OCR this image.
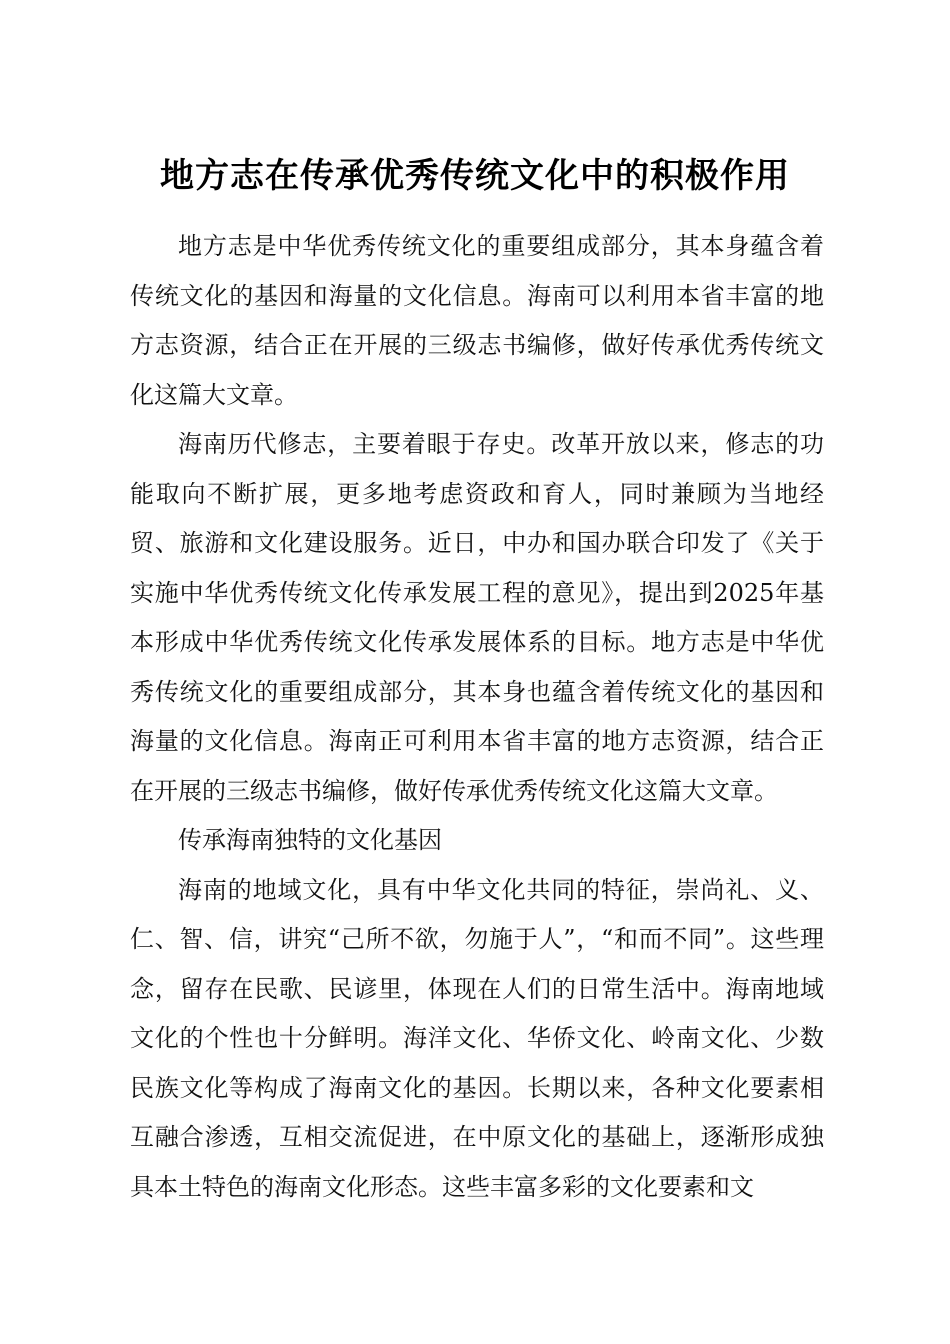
地方志在传承优秀传统文化中的积极作用

地方志是中华优秀传统文化的重要组成部分，其本身蕴含着传统文化的基因和海量的文化信息。海南可以利用本省丰富的地方志资源，结合正在开展的三级志书编修，做好传承优秀传统文化这篇大文章。

海南历代修志，主要着眼于存史。改革开放以来，修志的功能取向不断扩展，更多地考虑资政和育人，同时兼顾为当地经贸、旅游和文化建设服务。近日，中办和国办联合印发了《关于实施中华优秀传统文化传承发展工程的意见》，提出到2025年基本形成中华优秀传统文化传承发展体系的目标。地方志是中华优秀传统文化的重要组成部分，其本身也蕴含着传统文化的基因和海量的文化信息。海南正可利用本省丰富的地方志资源，结合正在开展的三级志书编修，做好传承优秀传统文化这篇大文章。

传承海南独特的文化基因

海南的地域文化，具有中华文化共同的特征，崇尚礼、义、仁、智、信，讲究“己所不欲，勿施于人”，“和而不同”。这些理念，留存在民歌、民谚里，体现在人们的日常生活中。海南地域文化的个性也十分鲜明。海洋文化、华侨文化、岭南文化、少数民族文化等构成了海南文化的基因。长期以来，各种文化要素相互融合渗透，互相交流促进，在中原文化的基础上，逐渐形成独具本土特色的海南文化形态。这些丰富多彩的文化要素和文
